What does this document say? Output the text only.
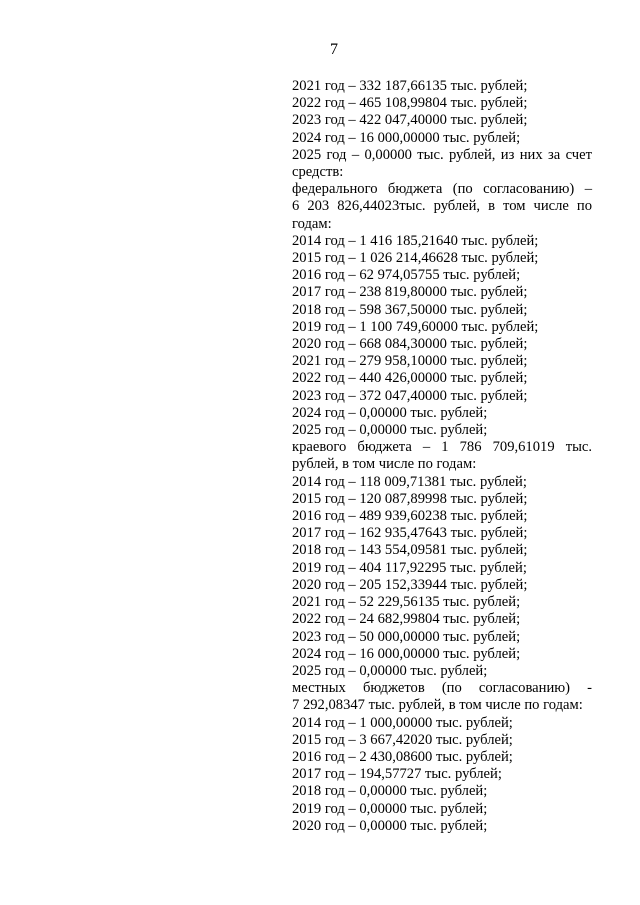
7
2021 год – 332 187,66135 тыс. рублей;
2022 год – 465 108,99804 тыс. рублей;
2023 год – 422 047,40000 тыс. рублей;
2024 год – 16 000,00000 тыс. рублей;
2025 год – 0,00000 тыс. рублей, из них за счет
средств:
федерального бюджета (по согласованию) –
6 203 826,44023тыс. рублей, в том числе по
годам:
2014 год – 1 416 185,21640 тыс. рублей;
2015 год – 1 026 214,46628 тыс. рублей;
2016 год – 62 974,05755 тыс. рублей;
2017 год – 238 819,80000 тыс. рублей;
2018 год – 598 367,50000 тыс. рублей;
2019 год – 1 100 749,60000 тыс. рублей;
2020 год – 668 084,30000 тыс. рублей;
2021 год – 279 958,10000 тыс. рублей;
2022 год – 440 426,00000 тыс. рублей;
2023 год – 372 047,40000 тыс. рублей;
2024 год – 0,00000 тыс. рублей;
2025 год – 0,00000 тыс. рублей;
краевого бюджета – 1 786 709,61019 тыс.
рублей, в том числе по годам:
2014 год – 118 009,71381 тыс. рублей;
2015 год – 120 087,89998 тыс. рублей;
2016 год – 489 939,60238 тыс. рублей;
2017 год – 162 935,47643 тыс. рублей;
2018 год – 143 554,09581 тыс. рублей;
2019 год – 404 117,92295 тыс. рублей;
2020 год – 205 152,33944 тыс. рублей;
2021 год – 52 229,56135 тыс. рублей;
2022 год – 24 682,99804 тыс. рублей;
2023 год – 50 000,00000 тыс. рублей;
2024 год – 16 000,00000 тыс. рублей;
2025 год – 0,00000 тыс. рублей;
местных бюджетов (по согласованию) -
7 292,08347 тыс. рублей, в том числе по годам:
2014 год – 1 000,00000 тыс. рублей;
2015 год – 3 667,42020 тыс. рублей;
2016 год – 2 430,08600 тыс. рублей;
2017 год – 194,57727 тыс. рублей;
2018 год – 0,00000 тыс. рублей;
2019 год – 0,00000 тыс. рублей;
2020 год – 0,00000 тыс. рублей;
